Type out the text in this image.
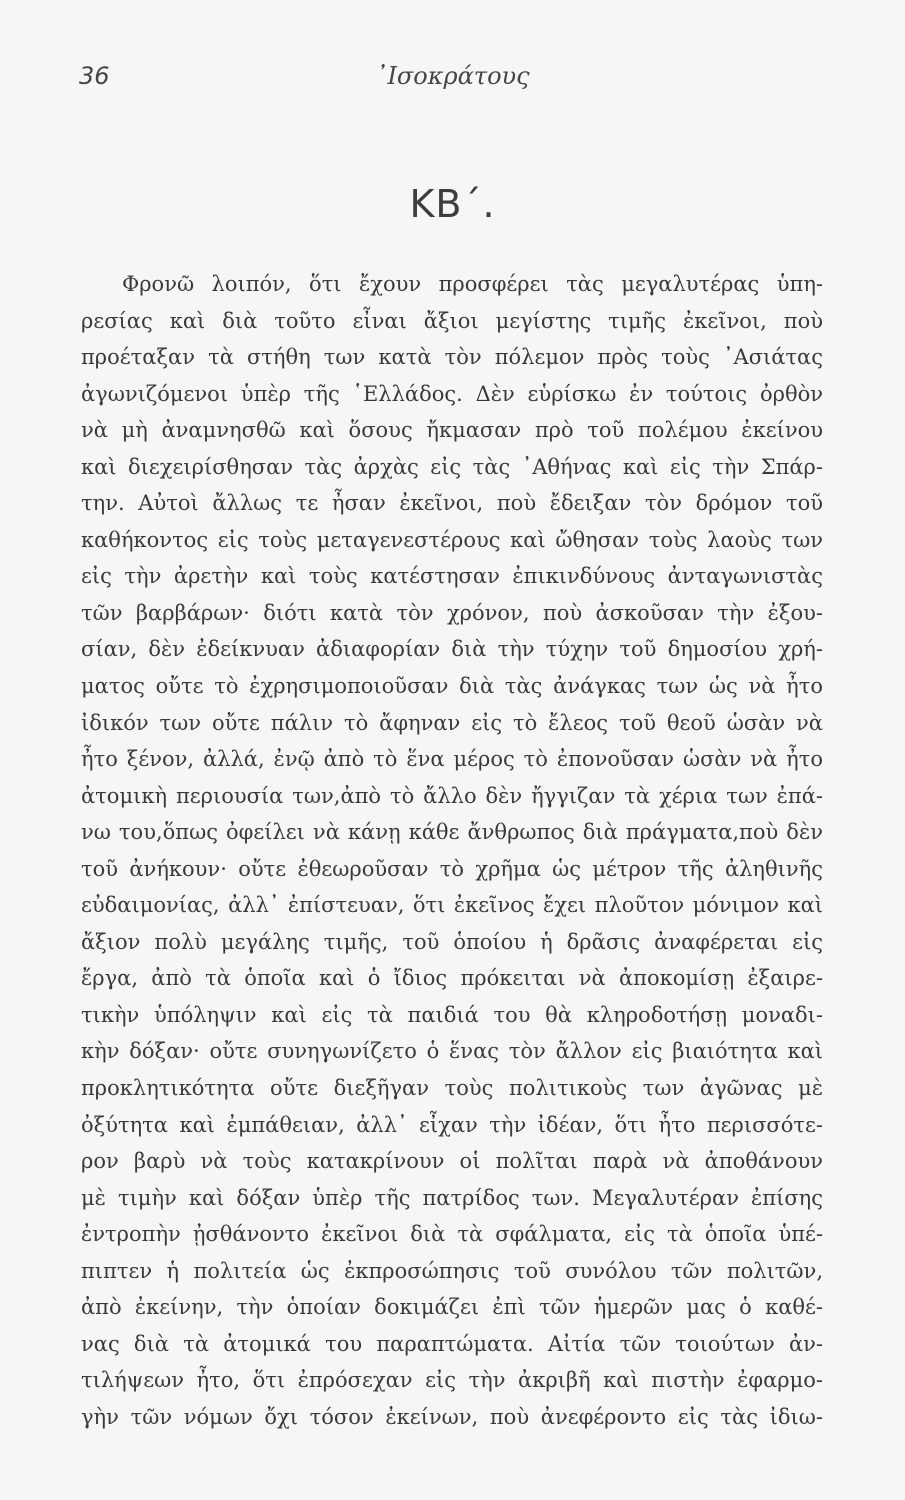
36	᾿Ισοκράτους
ΚΒ΄.
Φρονῶ λοιπόν, ὅτι ἔχουν προσφέρει τὰς μεγαλυτέρας ὑπη-
ρεσίας καὶ διὰ τοῦτο εἶναι ἄξιοι μεγίστης τιμῆς ἐκεῖνοι, ποὺ
προέταξαν τὰ στήθη των κατὰ τὸν πόλεμον πρὸς τοὺς ᾿Ασιάτας
ἀγωνιζόμενοι ὑπὲρ τῆς ῾Ελλάδος. Δὲν εὑρίσκω ἐν τούτοις ὀρθὸν
νὰ μὴ ἀναμνησθῶ καὶ ὅσους ἤκμασαν πρὸ τοῦ πολέμου ἐκείνου
καὶ διεχειρίσθησαν τὰς ἀρχὰς εἰς τὰς ᾿Αθήνας καὶ εἰς τὴν Σπάρ-
την. Αὐτοὶ ἄλλως τε ἦσαν ἐκεῖνοι, ποὺ ἔδειξαν τὸν δρόμον τοῦ
καθήκοντος εἰς τοὺς μεταγενεστέρους καὶ ὤθησαν τοὺς λαοὺς των
εἰς τὴν ἀρετὴν καὶ τοὺς κατέστησαν ἐπικινδύνους ἀνταγωνιστὰς
τῶν βαρβάρων· διότι κατὰ τὸν χρόνον, ποὺ ἀσκοῦσαν τὴν ἐξου-
σίαν, δὲν ἐδείκνυαν ἀδιαφορίαν διὰ τὴν τύχην τοῦ δημοσίου χρή-
ματος οὔτε τὸ ἐχρησιμοποιοῦσαν διὰ τὰς ἀνάγκας των ὡς νὰ ἦτο
ἰδικόν των οὔτε πάλιν τὸ ἄφηναν εἰς τὸ ἔλεος τοῦ θεοῦ ὡσὰν νὰ
ἦτο ξένον, ἀλλά, ἐνῷ ἀπὸ τὸ ἕνα μέρος τὸ ἐπονοῦσαν ὡσὰν νὰ ἦτο
ἀτομικὴ περιουσία των,ἀπὸ τὸ ἄλλο δὲν ἤγγιζαν τὰ χέρια των ἐπά-
νω του,ὅπως ὀφείλει νὰ κάνῃ κάθε ἄνθρωπος διὰ πράγματα,ποὺ δὲν
τοῦ ἀνήκουν· οὔτε ἐθεωροῦσαν τὸ χρῆμα ὡς μέτρον τῆς ἀληθινῆς
εὐδαιμονίας, ἀλλ᾿ ἐπίστευαν, ὅτι ἐκεῖνος ἔχει πλοῦτον μόνιμον καὶ
ἄξιον πολὺ μεγάλης τιμῆς, τοῦ ὁποίου ἡ δρᾶσις ἀναφέρεται εἰς
ἔργα, ἀπὸ τὰ ὁποῖα καὶ ὁ ἴδιος πρόκειται νὰ ἀποκομίσῃ ἐξαιρε-
τικὴν ὑπόληψιν καὶ εἰς τὰ παιδιά του θὰ κληροδοτήσῃ μοναδι-
κὴν δόξαν· οὔτε συνηγωνίζετο ὁ ἕνας τὸν ἄλλον εἰς βιαιότητα καὶ
προκλητικότητα οὔτε διεξῆγαν τοὺς πολιτικοὺς των ἀγῶνας μὲ
ὀξύτητα καὶ ἐμπάθειαν, ἀλλ᾿ εἶχαν τὴν ἰδέαν, ὅτι ἦτο περισσότε-
ρον βαρὺ νὰ τοὺς κατακρίνουν οἱ πολῖται παρὰ νὰ ἀποθάνουν
μὲ τιμὴν καὶ δόξαν ὑπὲρ τῆς πατρίδος των. Μεγαλυτέραν ἐπίσης
ἐντροπὴν ᾐσθάνοντο ἐκεῖνοι διὰ τὰ σφάλματα, εἰς τὰ ὁποῖα ὑπέ-
πιπτεν ἡ πολιτεία ὡς ἐκπροσώπησις τοῦ συνόλου τῶν πολιτῶν,
ἀπὸ ἐκείνην, τὴν ὁποίαν δοκιμάζει ἐπὶ τῶν ἡμερῶν μας ὁ καθέ-
νας διὰ τὰ ἀτομικά του παραπτώματα. Αἰτία τῶν τοιούτων ἀν-
τιλήψεων ἦτο, ὅτι ἐπρόσεχαν εἰς τὴν ἀκριβῆ καὶ πιστὴν ἐφαρμο-
γὴν τῶν νόμων ὄχι τόσον ἐκείνων, ποὺ ἀνεφέροντο εἰς τὰς ἰδιω-
